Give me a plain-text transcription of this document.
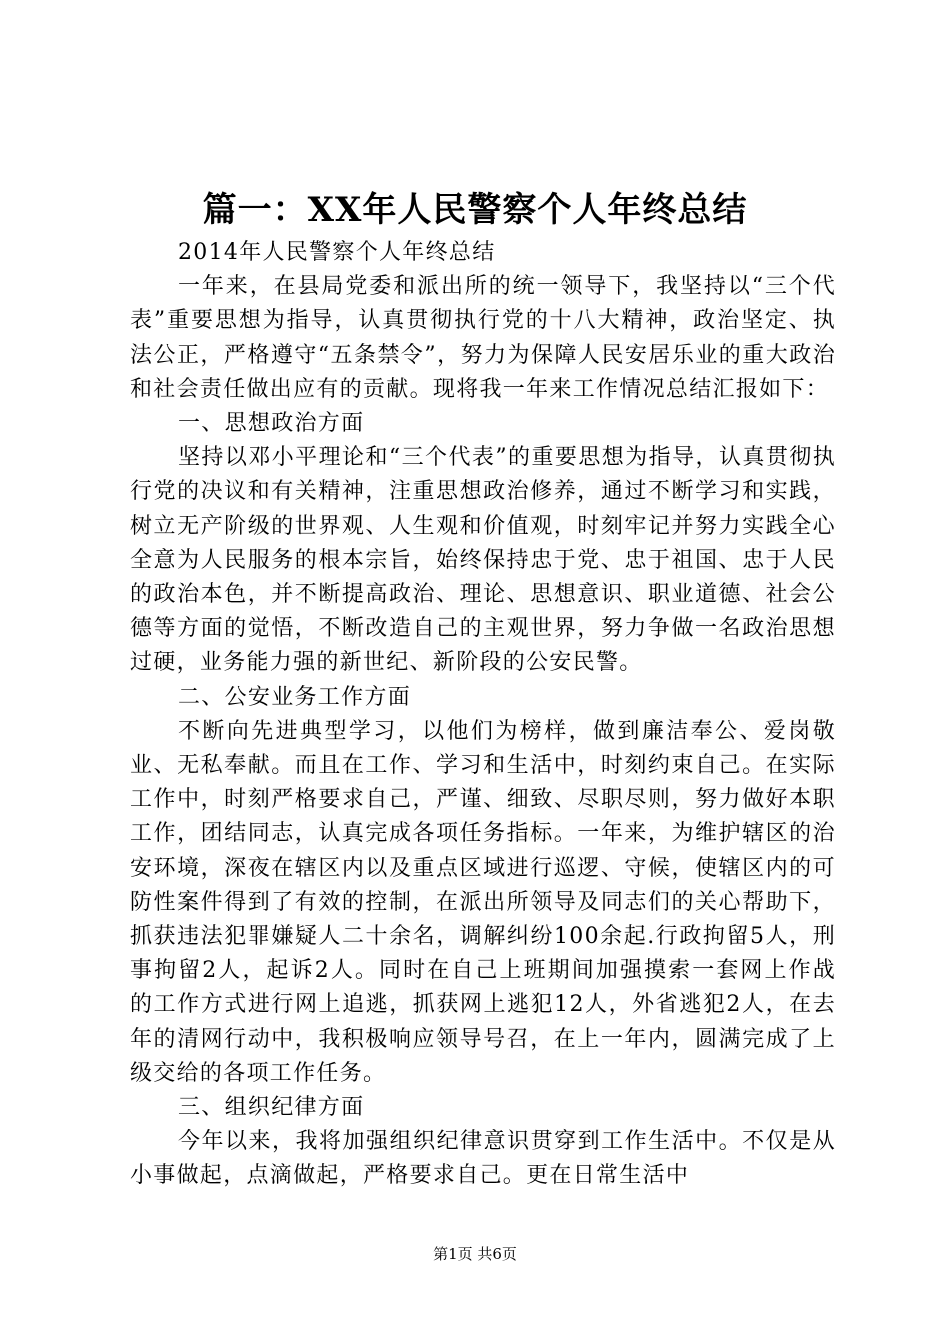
篇一：XX年人民警察个人年终总结

2014年人民警察个人年终总结

一年来，在县局党委和派出所的统一领导下，我坚持以“三个代表”重要思想为指导，认真贯彻执行党的十八大精神，政治坚定、执法公正，严格遵守“五条禁令”，努力为保障人民安居乐业的重大政治和社会责任做出应有的贡献。现将我一年来工作情况总结汇报如下：

一、思想政治方面

坚持以邓小平理论和“三个代表”的重要思想为指导，认真贯彻执行党的决议和有关精神，注重思想政治修养，通过不断学习和实践，树立无产阶级的世界观、人生观和价值观，时刻牢记并努力实践全心全意为人民服务的根本宗旨，始终保持忠于党、忠于祖国、忠于人民的政治本色，并不断提高政治、理论、思想意识、职业道德、社会公德等方面的觉悟，不断改造自己的主观世界，努力争做一名政治思想过硬，业务能力强的新世纪、新阶段的公安民警。

二、公安业务工作方面

不断向先进典型学习，以他们为榜样，做到廉洁奉公、爱岗敬业、无私奉献。而且在工作、学习和生活中，时刻约束自己。在实际工作中，时刻严格要求自己，严谨、细致、尽职尽则，努力做好本职工作，团结同志，认真完成各项任务指标。一年来，为维护辖区的治安环境，深夜在辖区内以及重点区域进行巡逻、守候，使辖区内的可防性案件得到了有效的控制，在派出所领导及同志们的关心帮助下，抓获违法犯罪嫌疑人二十余名，调解纠纷100余起.行政拘留5人，刑事拘留2人，起诉2人。同时在自己上班期间加强摸索一套网上作战的工作方式进行网上追逃，抓获网上逃犯12人，外省逃犯2人，在去年的清网行动中，我积极响应领导号召，在上一年内，圆满完成了上级交给的各项工作任务。

三、组织纪律方面

今年以来，我将加强组织纪律意识贯穿到工作生活中。不仅是从小事做起，点滴做起，严格要求自己。更在日常生活中

第1页 共6页
